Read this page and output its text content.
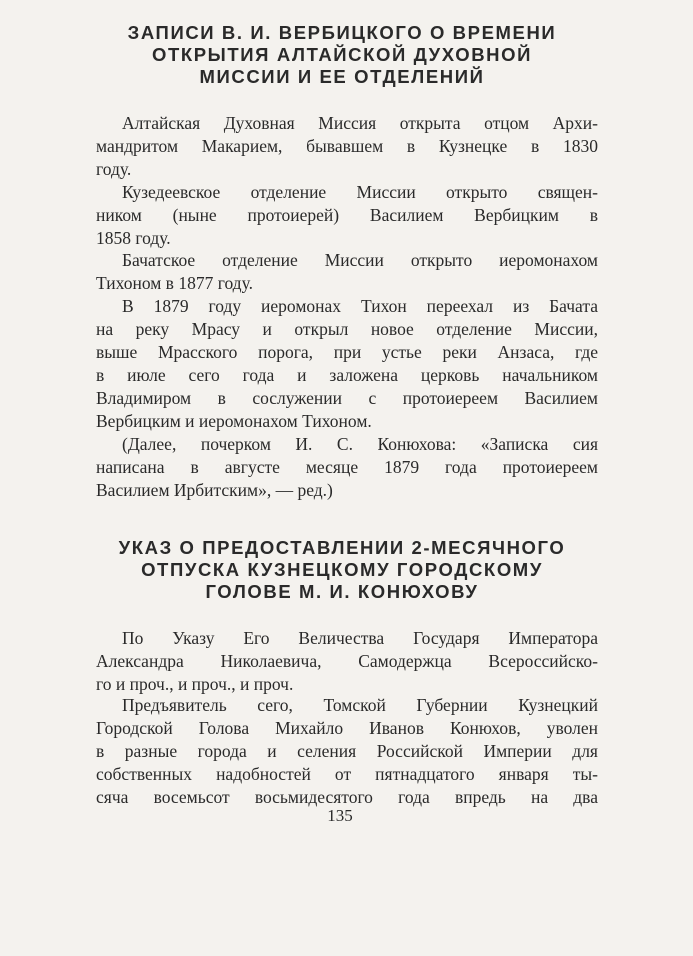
ЗАПИСИ В. И. ВЕРБИЦКОГО О ВРЕМЕНИ
ОТКРЫТИЯ АЛТАЙСКОЙ ДУХОВНОЙ
МИССИИ И ЕЕ ОТДЕЛЕНИЙ
Алтайская Духовная Миссия открыта отцом Архи-
мандритом Макарием, бывавшем в Кузнецке в 1830
году.
Кузедеевское отделение Миссии открыто священ-
ником (ныне протоиерей) Василием Вербицким в
1858 году.
Бачатское отделение Миссии открыто иеромонахом
Тихоном в 1877 году.
В 1879 году иеромонах Тихон переехал из Бачата
на реку Мрасу и открыл новое отделение Миссии,
выше Мрасского порога, при устье реки Анзаса, где
в июле сего года и заложена церковь начальником
Владимиром в сослужении с протоиереем Василием
Вербицким и иеромонахом Тихоном.
(Далее, почерком И. С. Конюхова: «Записка сия
написана в августе месяце 1879 года протоиереем
Василием Ирбитским», — ред.)
УКАЗ О ПРЕДОСТАВЛЕНИИ 2-МЕСЯЧНОГО
ОТПУСКА КУЗНЕЦКОМУ ГОРОДСКОМУ
ГОЛОВЕ М. И. КОНЮХОВУ
По Указу Его Величества Государя Императора
Александра Николаевича, Самодержца Всероссийско-
го и проч., и проч., и проч.
Предъявитель сего, Томской Губернии Кузнецкий
Городской Голова Михайло Иванов Конюхов, уволен
в разные города и селения Российской Империи для
собственных надобностей от пятнадцатого января ты-
сяча восемьсот восьмидесятого года впредь на два
135
